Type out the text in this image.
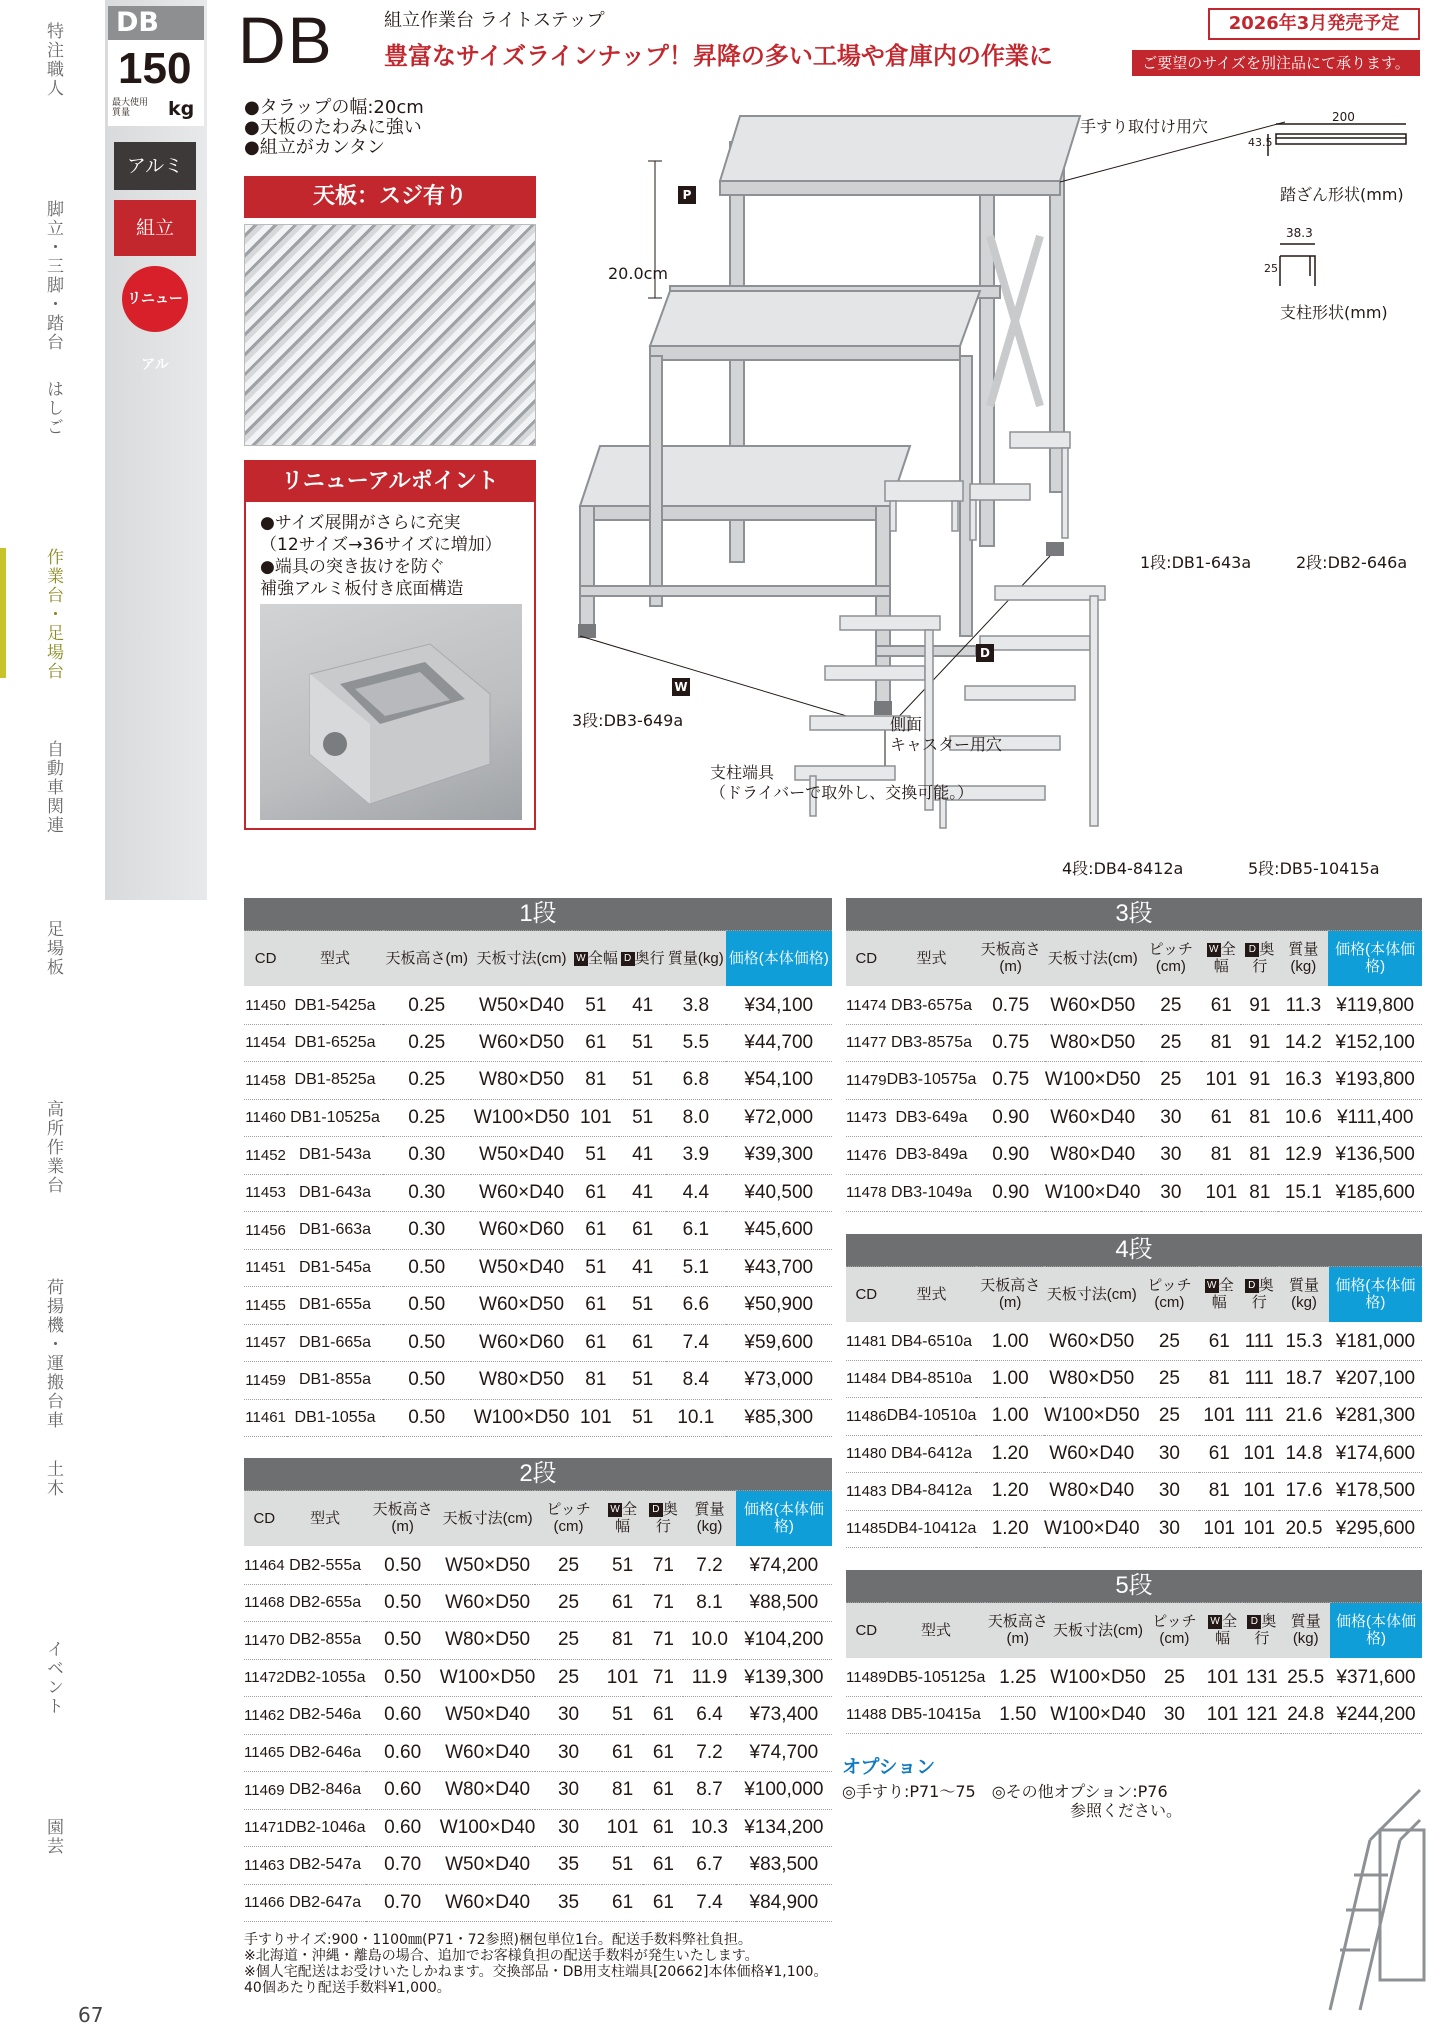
特注職人
脚立・三脚・踏台
はしご
作業台・足場台
自動車関連
足場板
高所作業台
荷揚機・運搬台車
土木
イベント
園芸
67
DB
150
最大使用質量	kg
アルミ
組立
リニューアル
DB	組立作業台 ライトステップ
豊富なサイズラインナップ！昇降の多い工場や倉庫内の作業に
2026年3月発売予定
ご要望のサイズを別注品にて承ります。
●タラップの幅:20cm
●天板のたわみに強い
●組立がカンタン
天板：スジ有り
リニューアルポイント
●サイズ展開がさらに充実
（12サイズ→36サイズに増加）
●端具の突き抜けを防ぐ
補強アルミ板付き底面構造
手すり取付け用穴
20.0cm
3段:DB3-649a	側面
キャスター用穴
支柱端具
（ドライバーで取外し、交換可能。）
踏ざん形状(mm)
200
43.5
支柱形状(mm)
38.3
25
1段:DB1-643a	2段:DB2-646a
4段:DB4-8412a	5段:DB5-10415a
P
W
D
1段							
CD	型式	天板高さ(m)	天板寸法(cm)	W 全幅	D 奥行	質量(kg)	価格(本体価格)
11450	DB1-5425a	0.25	W50×D40	51	41	3.8	¥34,100
11454	DB1-6525a	0.25	W60×D50	61	51	5.5	¥44,700
11458	DB1-8525a	0.25	W80×D50	81	51	6.8	¥54,100
11460	DB1-10525a	0.25	W100×D50	101	51	8.0	¥72,000
11452	DB1-543a	0.30	W50×D40	51	41	3.9	¥39,300
11453	DB1-643a	0.30	W60×D40	61	41	4.4	¥40,500
11456	DB1-663a	0.30	W60×D60	61	61	6.1	¥45,600
11451	DB1-545a	0.50	W50×D40	51	41	5.1	¥43,700
11455	DB1-655a	0.50	W60×D50	61	51	6.6	¥50,900
11457	DB1-665a	0.50	W60×D60	61	61	7.4	¥59,600
11459	DB1-855a	0.50	W80×D50	81	51	8.4	¥73,000
11461	DB1-1055a	0.50	W100×D50	101	51	10.1	¥85,300
2段								
CD	型式	天板高さ(m)	天板寸法(cm)	ピッチ(cm)	W 全幅	D 奥行	質量(kg)	価格(本体価格)
11464	DB2-555a	0.50	W50×D50	25	51	71	7.2	¥74,200
11468	DB2-655a	0.50	W60×D50	25	61	71	8.1	¥88,500
11470	DB2-855a	0.50	W80×D50	25	81	71	10.0	¥104,200
11472	DB2-1055a	0.50	W100×D50	25	101	71	11.9	¥139,300
11462	DB2-546a	0.60	W50×D40	30	51	61	6.4	¥73,400
11465	DB2-646a	0.60	W60×D40	30	61	61	7.2	¥74,700
11469	DB2-846a	0.60	W80×D40	30	81	61	8.7	¥100,000
11471	DB2-1046a	0.60	W100×D40	30	101	61	10.3	¥134,200
11463	DB2-547a	0.70	W50×D40	35	51	61	6.7	¥83,500
11466	DB2-647a	0.70	W60×D40	35	61	61	7.4	¥84,900
3段								
CD	型式	天板高さ(m)	天板寸法(cm)	ピッチ(cm)	W 全幅	D 奥行	質量(kg)	価格(本体価格)
11474	DB3-6575a	0.75	W60×D50	25	61	91	11.3	¥119,800
11477	DB3-8575a	0.75	W80×D50	25	81	91	14.2	¥152,100
11479	DB3-10575a	0.75	W100×D50	25	101	91	16.3	¥193,800
11473	DB3-649a	0.90	W60×D40	30	61	81	10.6	¥111,400
11476	DB3-849a	0.90	W80×D40	30	81	81	12.9	¥136,500
11478	DB3-1049a	0.90	W100×D40	30	101	81	15.1	¥185,600
4段								
CD	型式	天板高さ(m)	天板寸法(cm)	ピッチ(cm)	W 全幅	D 奥行	質量(kg)	価格(本体価格)
11481	DB4-6510a	1.00	W60×D50	25	61	111	15.3	¥181,000
11484	DB4-8510a	1.00	W80×D50	25	81	111	18.7	¥207,100
11486	DB4-10510a	1.00	W100×D50	25	101	111	21.6	¥281,300
11480	DB4-6412a	1.20	W60×D40	30	61	101	14.8	¥174,600
11483	DB4-8412a	1.20	W80×D40	30	81	101	17.6	¥178,500
11485	DB4-10412a	1.20	W100×D40	30	101	101	20.5	¥295,600
5段								
CD	型式	天板高さ(m)	天板寸法(cm)	ピッチ(cm)	W 全幅	D 奥行	質量(kg)	価格(本体価格)
11489	DB5-105125a	1.25	W100×D50	25	101	131	25.5	¥371,600
11488	DB5-10415a	1.50	W100×D40	30	101	121	24.8	¥244,200
オプション
◎手すり:P71～75　◎その他オプション:P76
参照ください。
手すりサイズ:900・1100㎜(P71・72参照)梱包単位1台。配送手数料弊社負担。
※北海道・沖縄・離島の場合、追加でお客様負担の配送手数料が発生いたします。
※個人宅配送はお受けいたしかねます。交換部品・DB用支柱端具[20662]本体価格¥1,100。
40個あたり配送手数料¥1,000。
